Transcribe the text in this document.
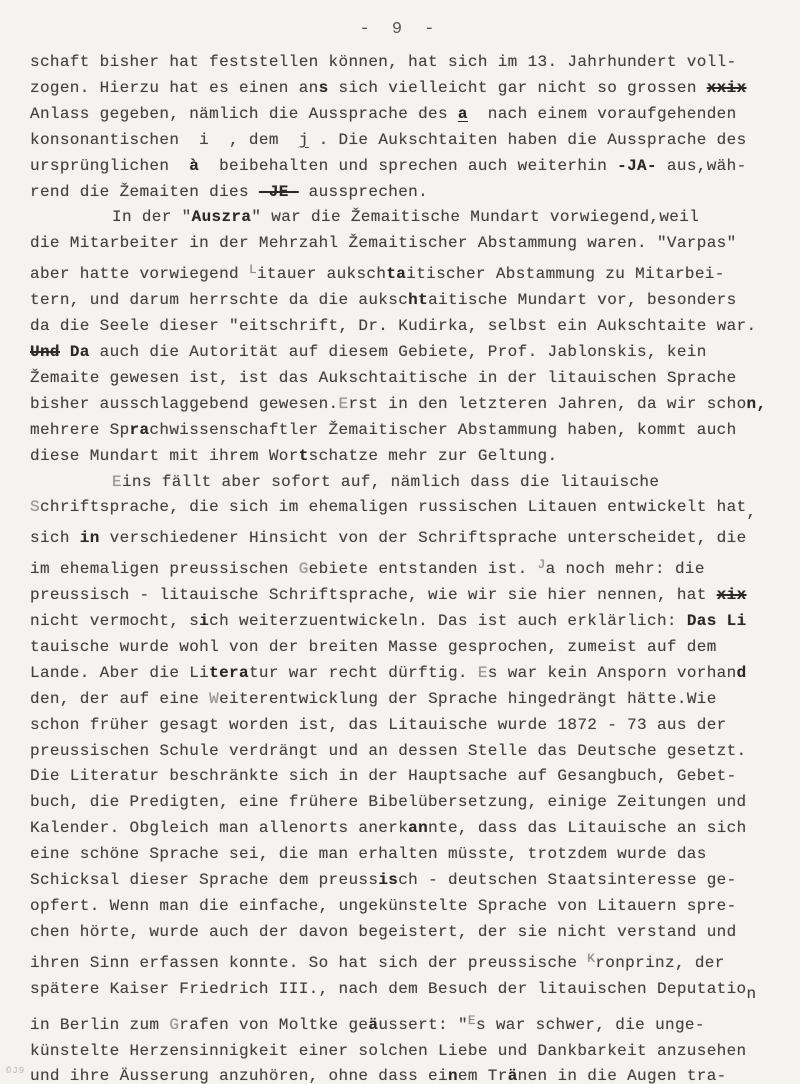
- 9 -
schaft bisher hat feststellen können, hat sich im 13. Jahrhundert voll-
zogen. Hierzu hat es einen ans sich vielleicht gar nicht so grossen xxix
Anlass gegeben, nämlich die Aussprache des a  nach einem voraufgehenden
konsonantischen  i  , dem  j . Die Aukschtaiten haben die Aussprache des
ursprünglichen  à  beibehalten und sprechen auch weiterhin -JA- aus,wäh-
rend die Žemaiten dies -JE- aussprechen.
In der "Auszra" war die Žemaitische Mundart vorwiegend,weil
die Mitarbeiter in der Mehrzahl Žemaitischer Abstammung waren. "Varpas"
aber hatte vorwiegend $^L$itauer aukschtaitischer Abstammung zu Mitarbei-
tern, und darum herrschte da die aukschtaitische Mundart vor, besonders
da die Seele dieser "eitschrift, Dr. Kudirka, selbst ein Aukschtaite war.
Und Da auch die Autorität auf diesem Gebiete, Prof. Jablonskis, kein
Žemaite gewesen ist, ist das Aukschtaitische in der litauischen Sprache
bisher ausschlaggebend gewesen.Erst in den letzteren Jahren, da wir schon,
mehrere Sprachwissenschaftler Žemaitischer Abstammung haben, kommt auch
diese Mundart mit ihrem Wortschatze mehr zur Geltung.
Eins fällt aber sofort auf, nämlich dass die litauische
Schriftsprache, die sich im ehemaligen russischen Litauen entwickelt hat,
sich in verschiedener Hinsicht von der Schriftsprache unterscheidet, die
im ehemaligen preussischen Gebiete entstanden ist. $^J$a noch mehr: die
preussisch - litauische Schriftsprache, wie wir sie hier nennen, hat xix
nicht vermocht, sich weiterzuentwickeln. Das ist auch erklärlich: Das Li
tauische wurde wohl von der breiten Masse gesprochen, zumeist auf dem
Lande. Aber die Literatur war recht dürftig. Es war kein Ansporn vorhand
den, der auf eine Weiterentwicklung der Sprache hingedrängt hätte.Wie
schon früher gesagt worden ist, das Litauische wurde 1872 - 73 aus der
preussischen Schule verdrängt und an dessen Stelle das Deutsche gesetzt.
Die Literatur beschränkte sich in der Hauptsache auf Gesangbuch, Gebet-
buch, die Predigten, eine frühere Bibelübersetzung, einige Zeitungen und
Kalender. Obgleich man allenorts anerkannte, dass das Litauische an sich
eine schöne Sprache sei, die man erhalten müsste, trotzdem wurde das
Schicksal dieser Sprache dem preussisch - deutschen Staatsinteresse ge-
opfert. Wenn man die einfache, ungekünstelte Sprache von Litauern spre-
chen hörte, wurde auch der davon begeistert, der sie nicht verstand und
ihren Sinn erfassen konnte. So hat sich der preussische $^K$ronprinz, der
spätere Kaiser Friedrich III., nach dem Besuch der litauischen Deputation
in Berlin zum Grafen von Moltke geäussert: "$^E$s war schwer, die unge-
künstelte Herzensinnigkeit einer solchen Liebe und Dankbarkeit anzusehen
und ihre Äusserung anzuhören, ohne dass einem Tränen in die Augen tra-
©J9
